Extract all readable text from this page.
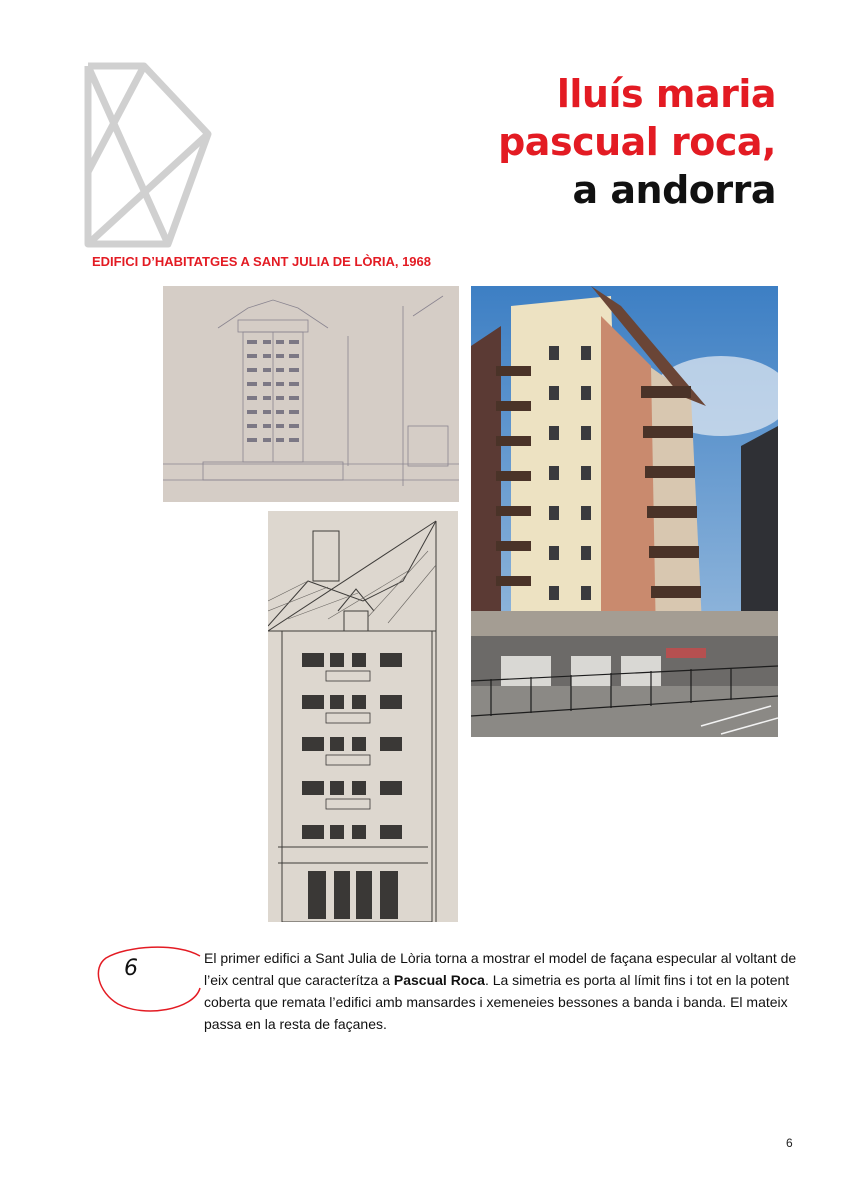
lluís maria
pascual roca,
a andorra
EDIFICI D’HABITATGES A SANT JULIA DE LÒRIA, 1968
6	El primer edifici a Sant Julia de Lòria torna a mostrar el model de façana especular al voltant de l’eix central que caracterítza a Pascual Roca. La simetria es porta al límit fins i tot en la potent coberta que remata l’edifici amb mansardes i xemeneies bessones a banda i banda. El mateix passa en la resta de façanes.
6
